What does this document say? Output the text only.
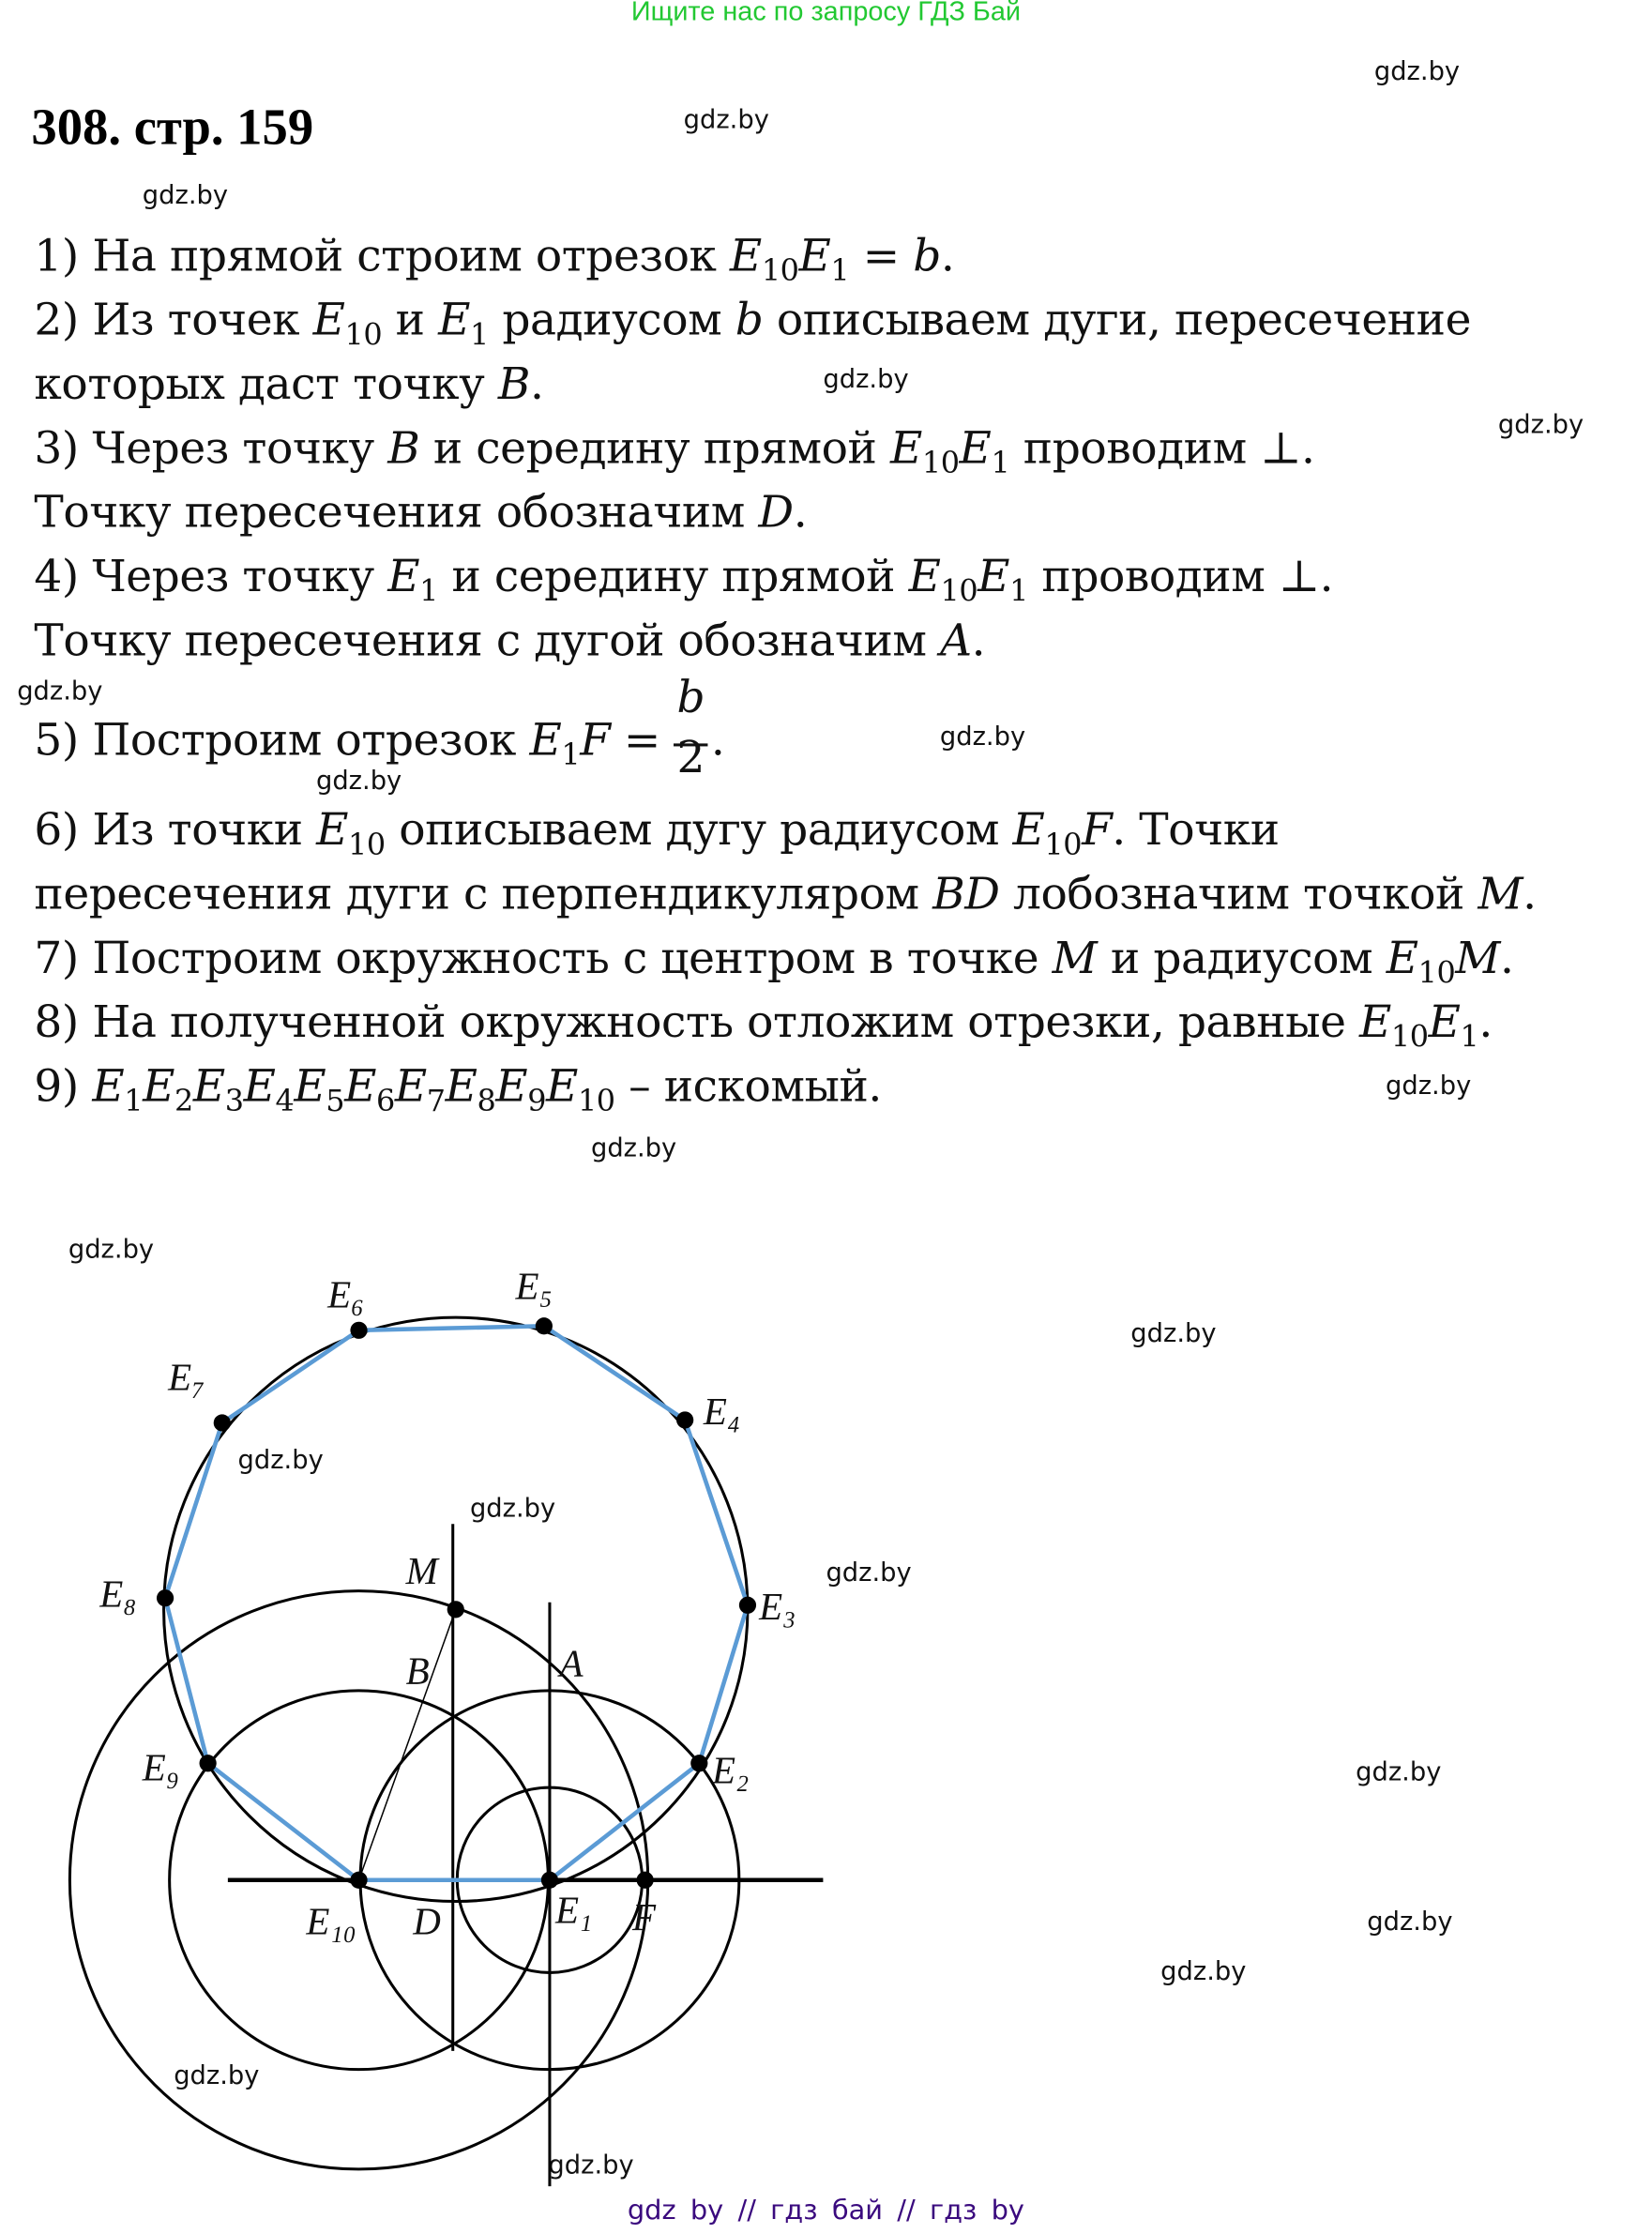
Ищите нас по запросу ГДЗ Бай
gdz.by
308. стр. 159	gdz.by
gdz.by
1) На прямой строим отрезок $E_{10}E_1 = b$.
2) Из точек $E_{10}$ и $E_1$ радиусом b описываем дуги, пересечение
которых даст точку B.	gdz.by
gdz.by
3) Через точку B и середину прямой $E_{10}E_1$ проводим ⊥.
Точку пересечения обозначим D.
4) Через точку $E_1$ и середину прямой $E_{10}E_1$ проводим ⊥.
Точку пересечения с дугой обозначим A.
gdz.by
5) Построим отрезок $E_1F = \frac{b}{2}$ .	gdz.by
gdz.by
6) Из точки $E_{10}$ описываем дугу радиусом $E_{10}F$. Точки
пересечения дуги с перпендикуляром BD лобозначим точкой M.
7) Построим окружность с центром в точке M и радиусом $E_{10}M$.
8) На полученной окружность отложим отрезки, равные $E_{10}E_1$.
9) $E_1E_2E_3E_4E_5E_6E_7E_8E_9E_{10}$ – искомый.	gdz.by
gdz.by
gdz.by
gdz.by
gdz.by
gdz.by
gdz.by
gdz.by
gdz.by
gdz.by
gdz.by
gdz.by
E₁
E₂
E₃
E₄
E₅
E₆
E₇
E₈
E₉
E₁₀
M
B	A
D	F
gdz by // гдз бай // гдз by
